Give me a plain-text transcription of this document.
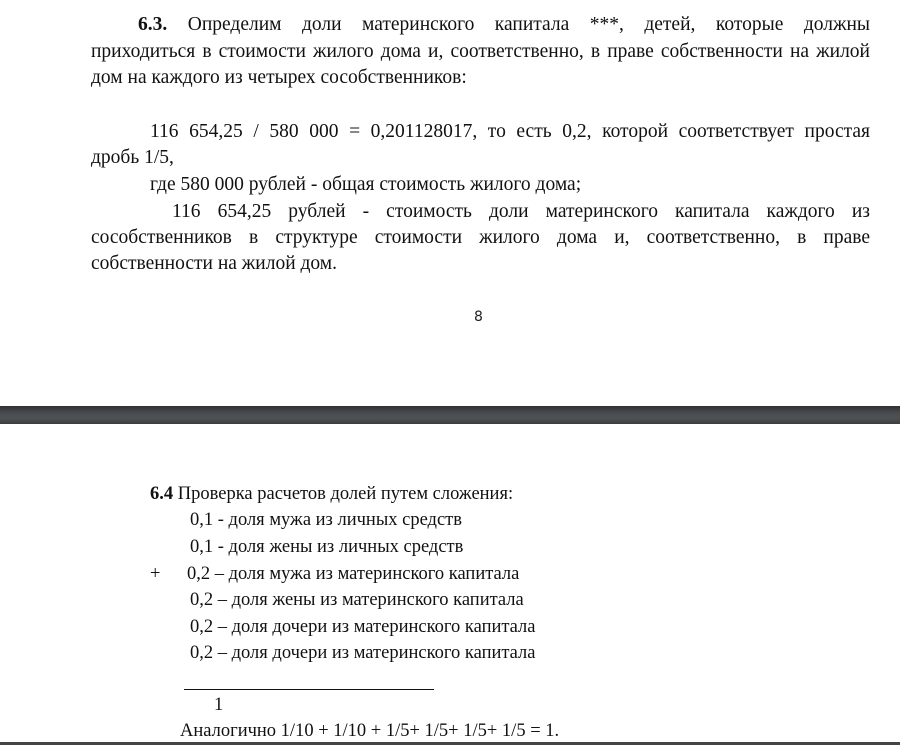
6.3. Определим доли материнского капитала ***, детей, которые должны
приходиться в стоимости жилого дома и, соответственно, в праве собственности на жилой
дом на каждого из четырех сособственников:
116 654,25 / 580 000 = 0,201128017, то есть 0,2, которой соответствует простая
дробь 1/5,
где 580 000 рублей - общая стоимость жилого дома;
116 654,25 рублей - стоимость доли материнского капитала каждого из
сособственников в структуре стоимости жилого дома и, соответственно, в праве
собственности на жилой дом.
8
6.4 Проверка расчетов долей путем сложения:
0,1 - доля мужа из личных средств
0,1 - доля жены из личных средств
+ 0,2 – доля мужа из материнского капитала
0,2 – доля жены из материнского капитала
0,2 – доля дочери из материнского капитала
0,2 – доля дочери из материнского капитала
1
Аналогично 1/10 + 1/10 + 1/5+ 1/5+ 1/5+ 1/5 = 1.
